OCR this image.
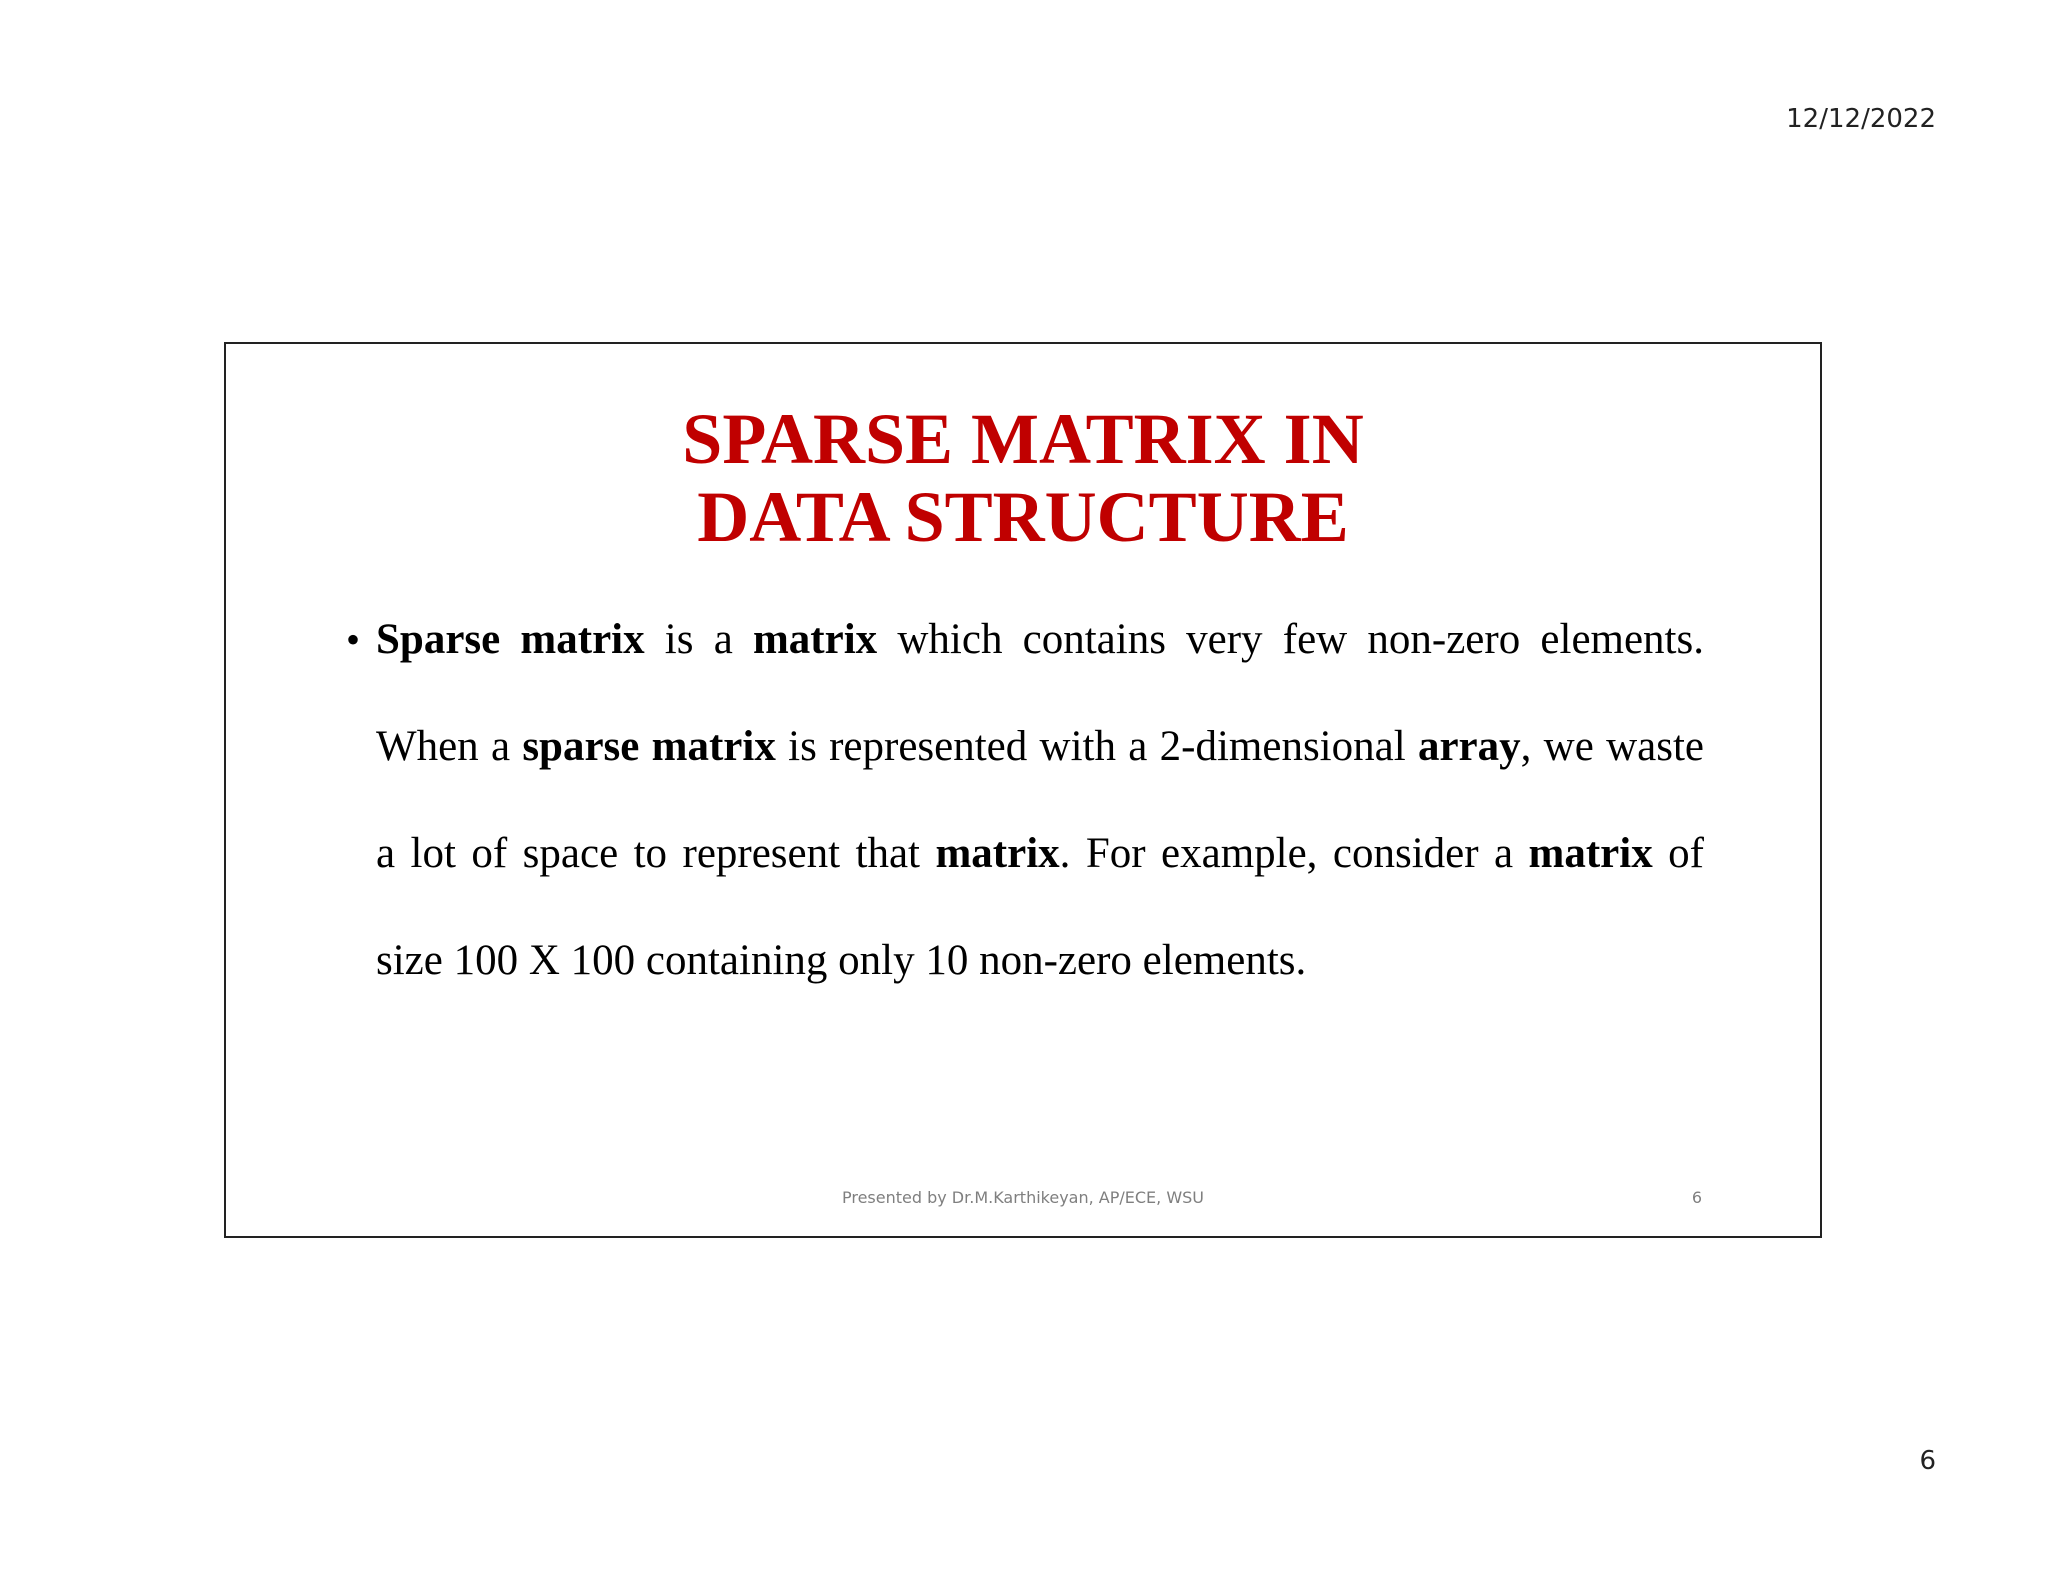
12/12/2022
SPARSE MATRIX IN
DATA STRUCTURE
• Sparse matrix is a matrix which contains very few non-zero elements. When a sparse matrix is represented with a 2-dimensional array, we waste a lot of space to represent that matrix. For example, consider a matrix of size 100 X 100 containing only 10 non-zero elements.
Presented by Dr.M.Karthikeyan, AP/ECE, WSU	6
6
